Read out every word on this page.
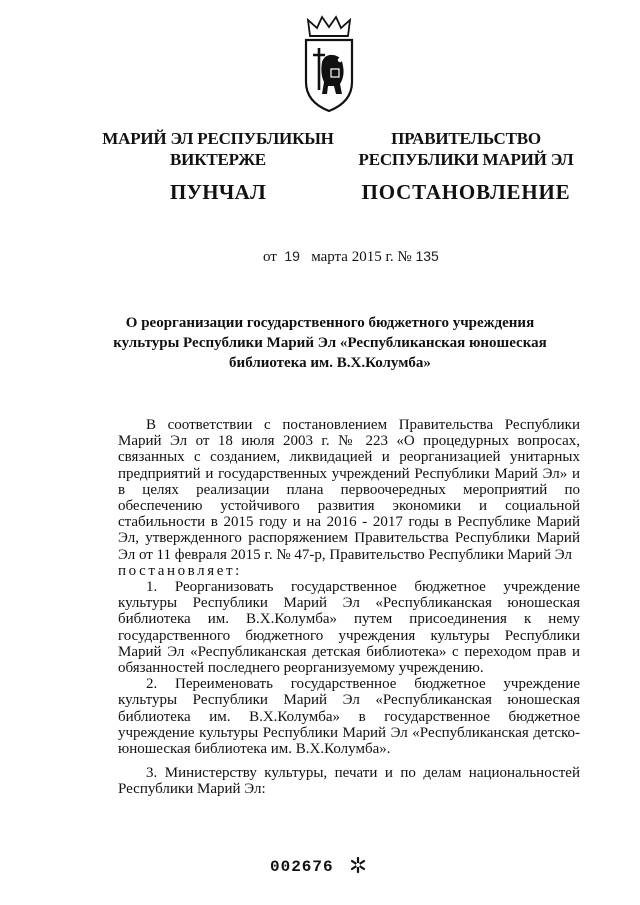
МАРИЙ ЭЛ РЕСПУБЛИКЫН
ВИКТЕРЖЕ
ПУНЧАЛ
ПРАВИТЕЛЬСТВО
РЕСПУБЛИКИ МАРИЙ ЭЛ
ПОСТАНОВЛЕНИЕ
от 19 марта 2015 г. № 135
О реорганизации государственного бюджетного учреждения
культуры Республики Марий Эл «Республиканская юношеская
библиотека им. В.Х.Колумба»

В соответствии с постановлением Правительства Республики Марий Эл от 18 июля 2003 г. № 223 «О процедурных вопросах, связанных с созданием, ликвидацией и реорганизацией унитарных предприятий и государственных учреждений Республики Марий Эл» и в целях реализации плана первоочередных мероприятий по обеспечению устойчивого развития экономики и социальной стабильности в 2015 году и на 2016 - 2017 годы в Республике Марий Эл, утвержденного распоряжением Правительства Республики Марий Эл от 11 февраля 2015 г. № 47-р, Правительство Республики Марий Эл

постановляет:

1. Реорганизовать государственное бюджетное учреждение культуры Республики Марий Эл «Республиканская юношеская библиотека им. В.Х.Колумба» путем присоединения к нему государственного бюджетного учреждения культуры Республики Марий Эл «Республиканская детская библиотека» с переходом прав и обязанностей последнего реорганизуемому учреждению.

2. Переименовать государственное бюджетное учреждение культуры Республики Марий Эл «Республиканская юношеская библиотека им. В.Х.Колумба» в государственное бюджетное учреждение культуры Республики Марий Эл «Республиканская детско-юношеская библиотека им. В.Х.Колумба».

3. Министерству культуры, печати и по делам национальностей Республики Марий Эл:

002676
